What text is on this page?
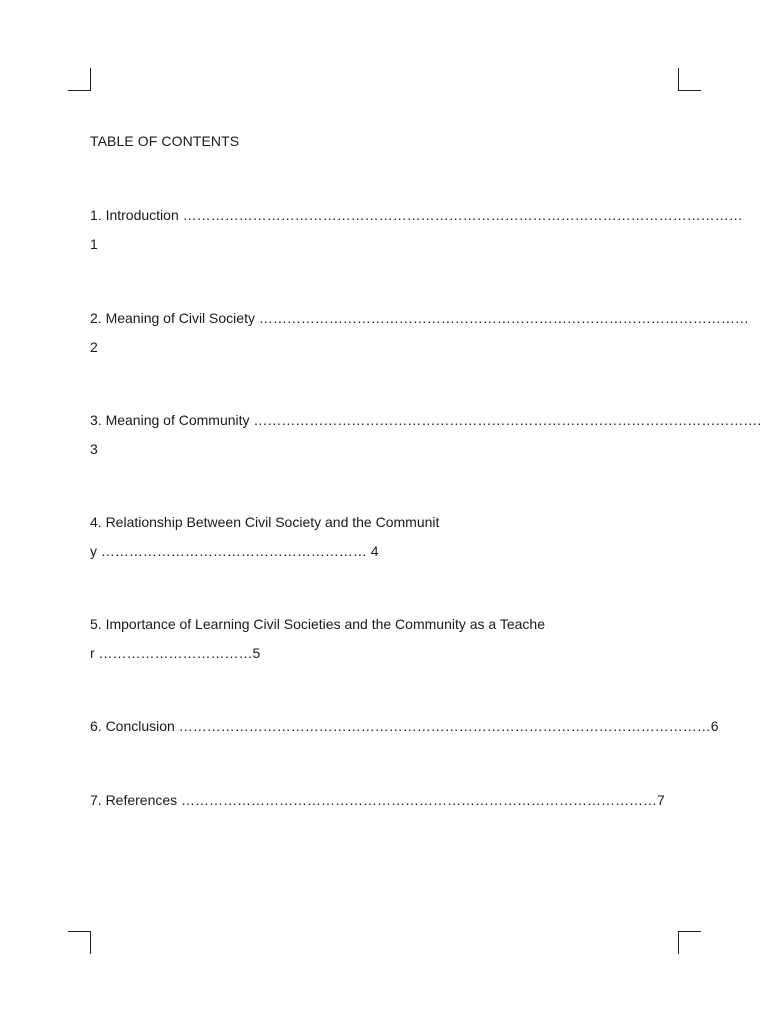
TABLE OF CONTENTS
1. Introduction …………………………………………………………………………………………………………
1
2. Meaning of Civil Society ……………………………………………………………………………………………
2
3. Meaning of Community ……………………………………………………………………………………………….
3
4. Relationship Between Civil Society and the Communit
y ………………………………………………… 4
5. Importance of Learning Civil Societies and the Community as a Teache
r ……………………………5
6. Conclusion ……………………………………………………………………………………………………6
7. References …………………………………………………………………………………………7
